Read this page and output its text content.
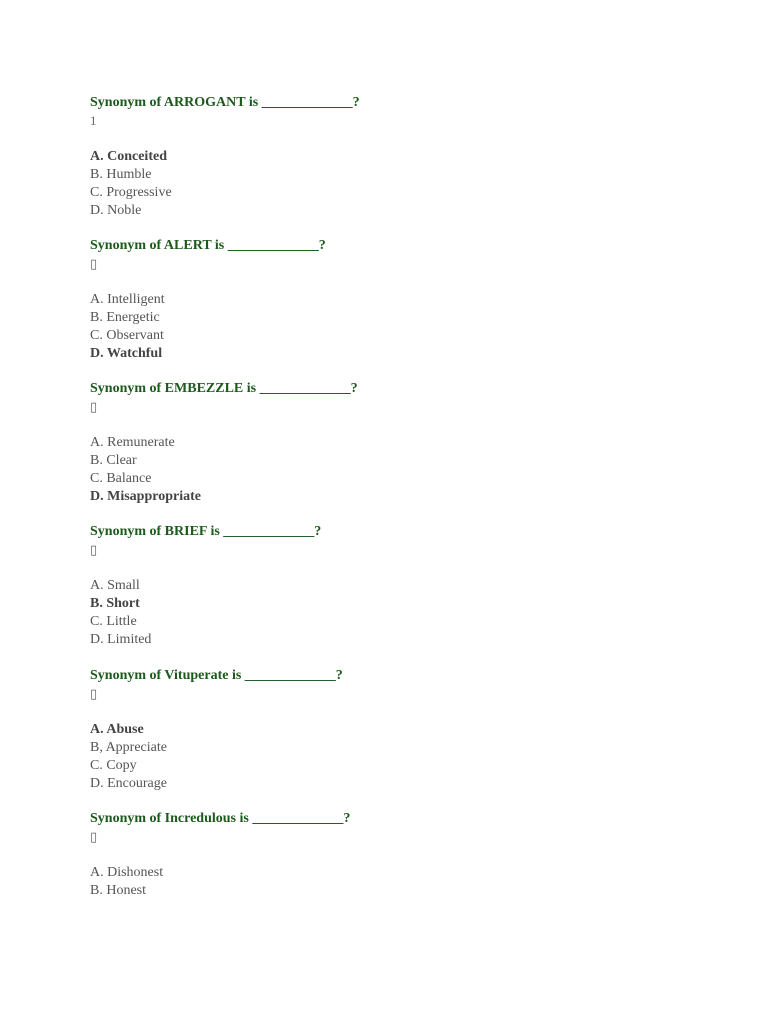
Synonym of ARROGANT is _____________?
1
A. Conceited
B. Humble
C. Progressive
D. Noble
Synonym of ALERT is _____________?
▯
A. Intelligent
B. Energetic
C. Observant
D. Watchful
Synonym of EMBEZZLE is _____________?
▯
A. Remunerate
B. Clear
C. Balance
D. Misappropriate
Synonym of BRIEF is _____________?
▯
A. Small
B. Short
C. Little
D. Limited
Synonym of Vituperate is _____________?
▯
A. Abuse
B, Appreciate
C. Copy
D. Encourage
Synonym of Incredulous is _____________?
▯
A. Dishonest
B. Honest
